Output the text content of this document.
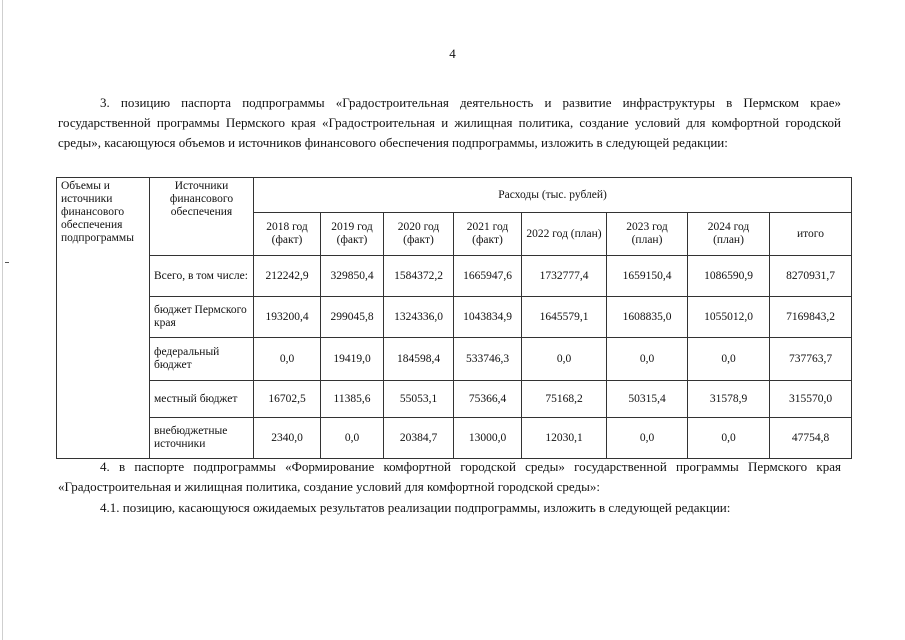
4
3. позицию паспорта подпрограммы «Градостроительная деятельность и развитие инфраструктуры в Пермском крае» государственной программы Пермского края «Градостроительная и жилищная политика, создание условий для комфортной городской среды», касающуюся объемов и источников финансового обеспечения подпрограммы, изложить в следующей редакции:
Объемы и источники финансового обеспечения подпрограммы	Источники финансового обеспечения	Расходы (тыс. рублей)							
		2018 год (факт)	2019 год (факт)	2020 год (факт)	2021 год (факт)	2022 год (план)	2023 год (план)	2024 год (план)	итого
	Всего, в том числе:	212242,9	329850,4	1584372,2	1665947,6	1732777,4	1659150,4	1086590,9	8270931,7
	бюджет Пермского края	193200,4	299045,8	1324336,0	1043834,9	1645579,1	1608835,0	1055012,0	7169843,2
	федеральный бюджет	0,0	19419,0	184598,4	533746,3	0,0	0,0	0,0	737763,7
	местный бюджет	16702,5	11385,6	55053,1	75366,4	75168,2	50315,4	31578,9	315570,0
	внебюджетные источники	2340,0	0,0	20384,7	13000,0	12030,1	0,0	0,0	47754,8
4. в паспорте подпрограммы «Формирование комфортной городской среды» государственной программы Пермского края «Градостроительная и жилищная политика, создание условий для комфортной городской среды»:
4.1. позицию, касающуюся ожидаемых результатов реализации подпрограммы, изложить в следующей редакции:
